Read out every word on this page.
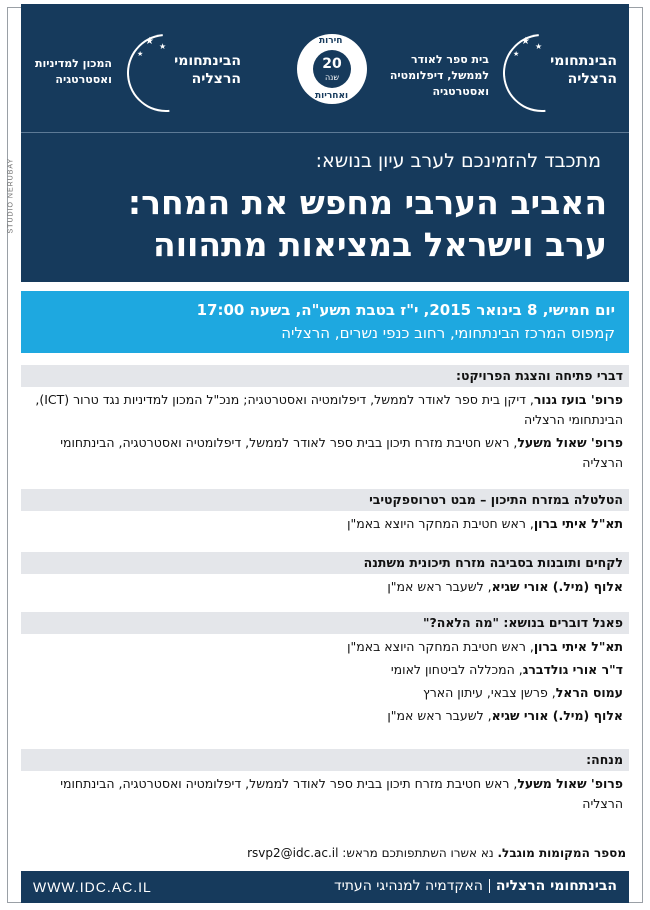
STUDIO NERUBAY
★ ★
★ הבינתחומי
הרצליה
בית ספר לאודר
לממשל, דיפלומטיה
ואסטרטגיה
חירות
20
שנה
ואחריות
★ ★
★ הבינתחומי
הרצליה
המכון למדיניות
ואסטרטגיה
מתכבד להזמינכם לערב עיון בנושא:
האביב הערבי מחפש את המחר:
ערב וישראל במציאות מתהווה
יום חמישי, 8 בינואר 2015, י"ז בטבת תשע"ה, בשעה 17:00
קמפוס המרכז הבינתחומי, רחוב כנפי נשרים, הרצליה
דברי פתיחה והצגת הפרויקט:
פרופ' בועז גנור, דיקן בית ספר לאודר לממשל, דיפלומטיה ואסטרטגיה; מנכ"ל המכון למדיניות נגד טרור (ICT), הבינתחומי הרצליה
פרופ' שאול משעל, ראש חטיבת מזרח תיכון בבית ספר לאודר לממשל, דיפלומטיה ואסטרטגיה, הבינתחומי הרצליה
הטלטלה במזרח התיכון – מבט רטרוספקטיבי
תא"ל איתי ברון, ראש חטיבת המחקר היוצא באמ"ן
לקחים ותובנות בסביבה מזרח תיכונית משתנה
אלוף (מיל.) אורי שגיא, לשעבר ראש אמ"ן
פאנל דוברים בנושא: "מה הלאה?"
תא"ל איתי ברון, ראש חטיבת המחקר היוצא באמ"ן
ד"ר אורי גולדברג, המכללה לביטחון לאומי
עמוס הראל, פרשן צבאי, עיתון הארץ
אלוף (מיל.) אורי שגיא, לשעבר ראש אמ"ן
מנחה:
פרופ' שאול משעל, ראש חטיבת מזרח תיכון בבית ספר לאודר לממשל, דיפלומטיה ואסטרטגיה, הבינתחומי הרצליה
מספר המקומות מוגבל. נא אשרו השתתפותכם מראש: rsvp2@idc.ac.il
WWW.IDC.AC.IL	הבינתחומי הרצליההאקדמיה למנהיגי העתיד
